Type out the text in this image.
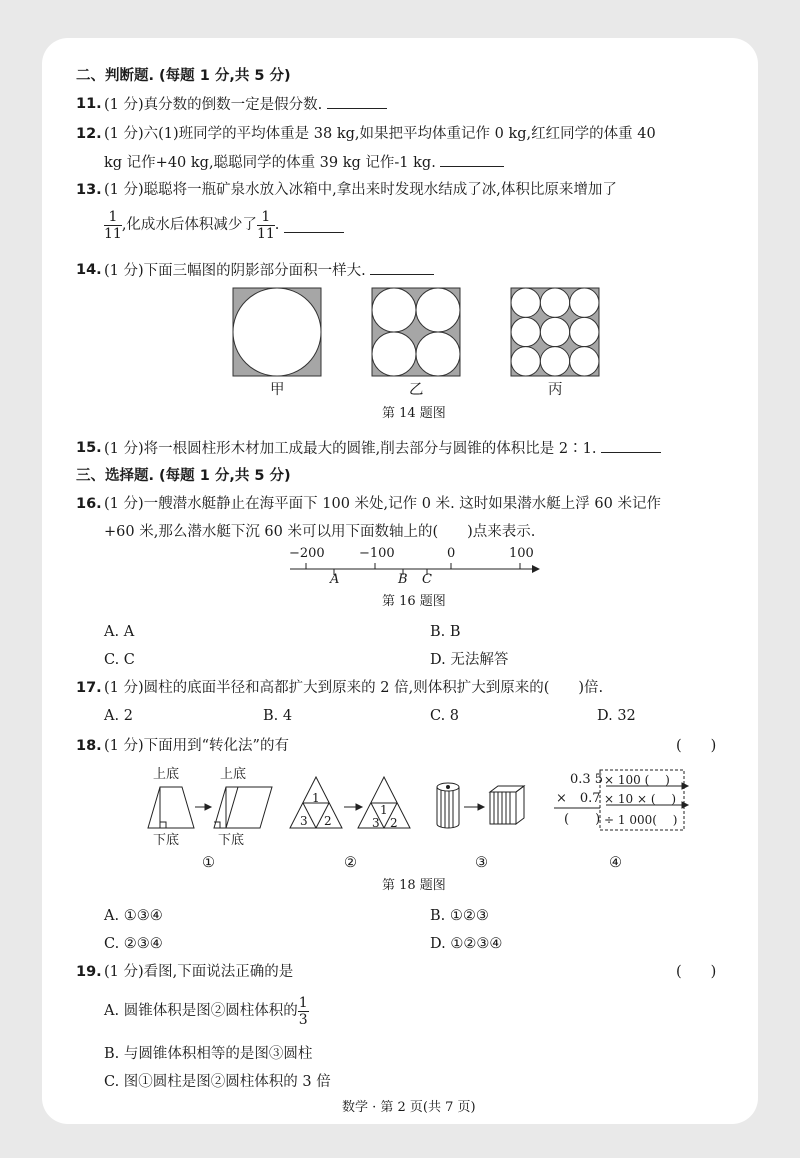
二、判断题. (每题 1 分,共 5 分)
11. (1 分)真分数的倒数一定是假分数.
12. (1 分)六(1)班同学的平均体重是 38 kg,如果把平均体重记作 0 kg,红红同学的体重 40
kg 记作+40 kg,聪聪同学的体重 39 kg 记作-1 kg.
13. (1 分)聪聪将一瓶矿泉水放入冰箱中,拿出来时发现水结成了冰,体积比原来增加了
$\frac{1}{11}$ ,化成水后体积减少了 $\frac{1}{11}$ .
14. (1 分)下面三幅图的阴影部分面积一样大.
甲	乙	丙
第 14 题图
15. (1 分)将一根圆柱形木材加工成最大的圆锥,削去部分与圆锥的体积比是 2∶1.
三、选择题. (每题 1 分,共 5 分)
16. (1 分)一艘潜水艇静止在海平面下 100 米处,记作 0 米. 这时如果潜水艇上浮 60 米记作
+60 米,那么潜水艇下沉 60 米可以用下面数轴上的(　　)点来表示.
−200	−100	0	100
A	B C
第 16 题图
A. A	B. B
C. C	D. 无法解答
17. (1 分)圆柱的底面半径和高都扩大到原来的 2 倍,则体积扩大到原来的(　　)倍.
A. 2	B. 4	C. 8	D. 32
18. (1 分)下面用到“转化法”的有	(　　)
上底	上底
下底	下底
1
3 2
1
3 2
0.3 5
×　0.7
(　　)
× 100 (　 )
× 10 × (　 )
÷ 1 000(　 )
①	②	③	④
第 18 题图
A. ①③④	B. ①②③
C. ②③④	D. ①②③④
19. (1 分)看图,下面说法正确的是	(　　)
A. 圆锥体积是图②圆柱体积的 $\frac{1}{3}$
B. 与圆锥体积相等的是图③圆柱
C. 图①圆柱是图②圆柱体积的 3 倍
数学 · 第 2 页(共 7 页)
